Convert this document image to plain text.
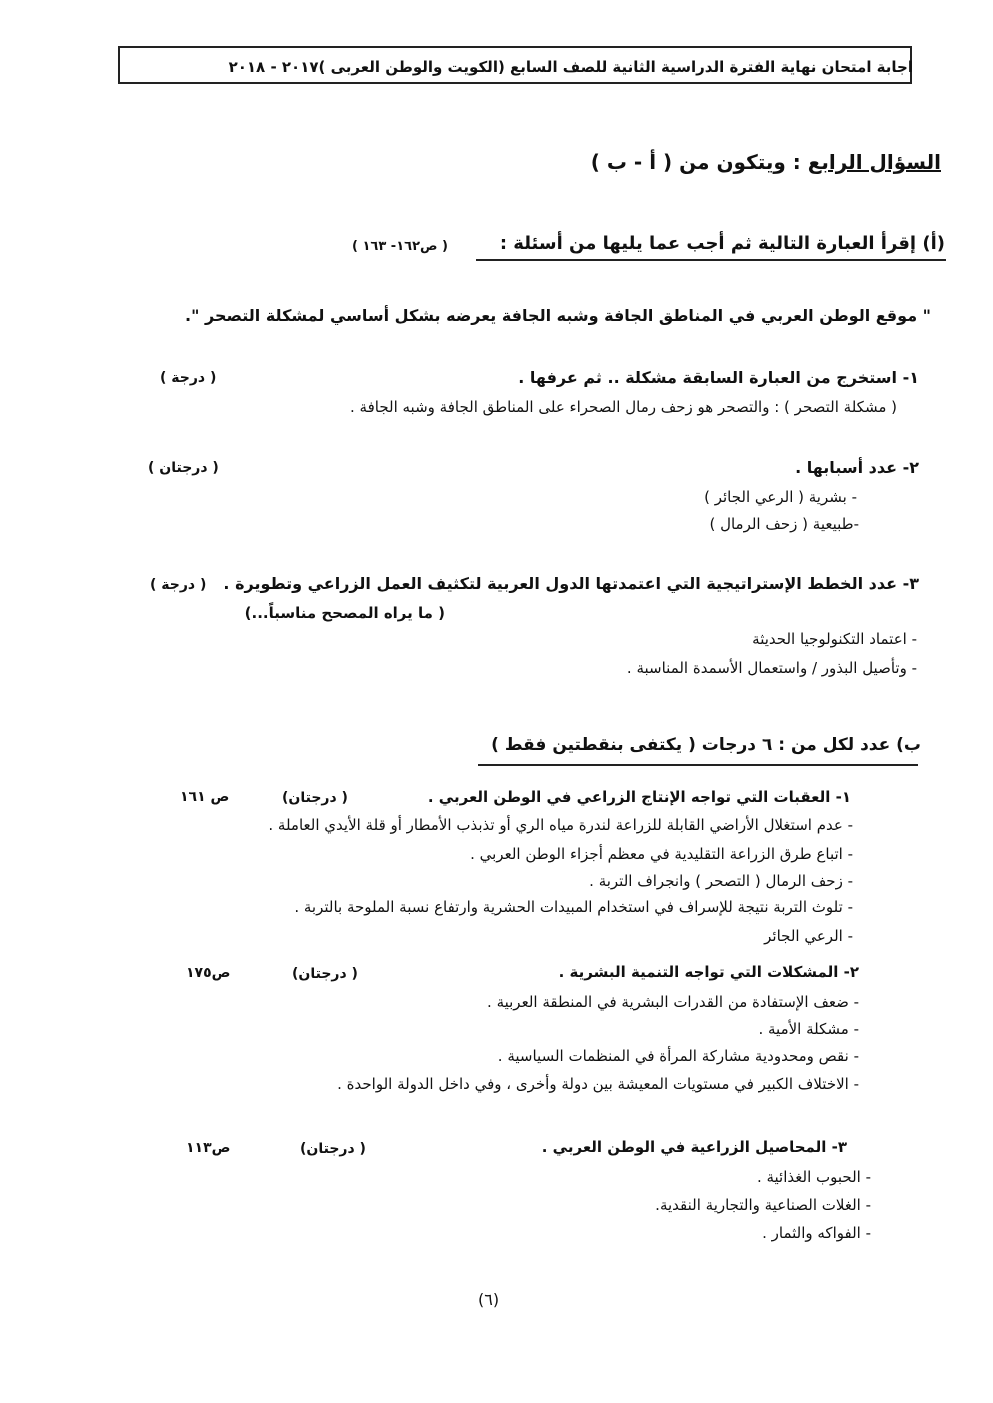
اجابة امتحان نهاية الفترة الدراسية الثانية للصف السابع (الكويت والوطن العربى )٢٠١٧ - ٢٠١٨
السؤال الرابع : ويتكون من ( أ - ب )
(أ) إقرأ العبارة التالية ثم أجب عما يليها من أسئلة :
( ص١٦٢- ١٦٣ )
" موقع الوطن العربي في المناطق الجافة وشبه الجافة يعرضه بشكل أساسي لمشكلة التصحر ".
١- استخرج من العبارة السابقة مشكلة .. ثم عرفها .
( درجة )
( مشكلة التصحر ) : والتصحر هو زحف رمال الصحراء على المناطق الجافة وشبه الجافة .
٢- عدد أسبابها .
( درجتان )
- بشرية ( الرعي الجائر )
-طبيعية ( زحف الرمال )
٣- عدد الخطط الإستراتيجية التي اعتمدتها الدول العربية لتكثيف العمل الزراعي وتطويرة .
( درجة )
( ما يراه المصحح مناسباً...)
- اعتماد التكنولوجيا الحديثة
- وتأصيل البذور / واستعمال الأسمدة المناسبة .
ب) عدد لكل من : ٦ درجات ( يكتفى بنقطتين فقط )
١- العقبات التي تواجه الإنتاج الزراعي في الوطن العربي .
( درجتان)
ص ١٦١
- عدم استغلال الأراضي القابلة للزراعة لندرة مياه الري أو تذبذب الأمطار أو قلة الأيدي العاملة .
- اتباع طرق الزراعة التقليدية في معظم أجزاء الوطن العربي .
- زحف الرمال ( التصحر ) وانجراف التربة .
- تلوث التربة نتيجة للإسراف في استخدام المبيدات الحشرية وارتفاع نسبة الملوحة بالتربة .
- الرعي الجائر
٢- المشكلات التي تواجه التنمية البشرية .
( درجتان)
ص١٧٥
- ضعف الإستفادة من القدرات البشرية في المنطقة العربية .
- مشكلة الأمية .
- نقص ومحدودية مشاركة المرأة في المنظمات السياسية .
- الاختلاف الكبير في مستويات المعيشة بين دولة وأخرى ، وفي داخل الدولة الواحدة .
٣- المحاصيل الزراعية في الوطن العربي .
( درجتان)
ص١١٣
- الحبوب الغذائية .
- الغلات الصناعية والتجارية النقدية.
- الفواكه والثمار .
(٦)
